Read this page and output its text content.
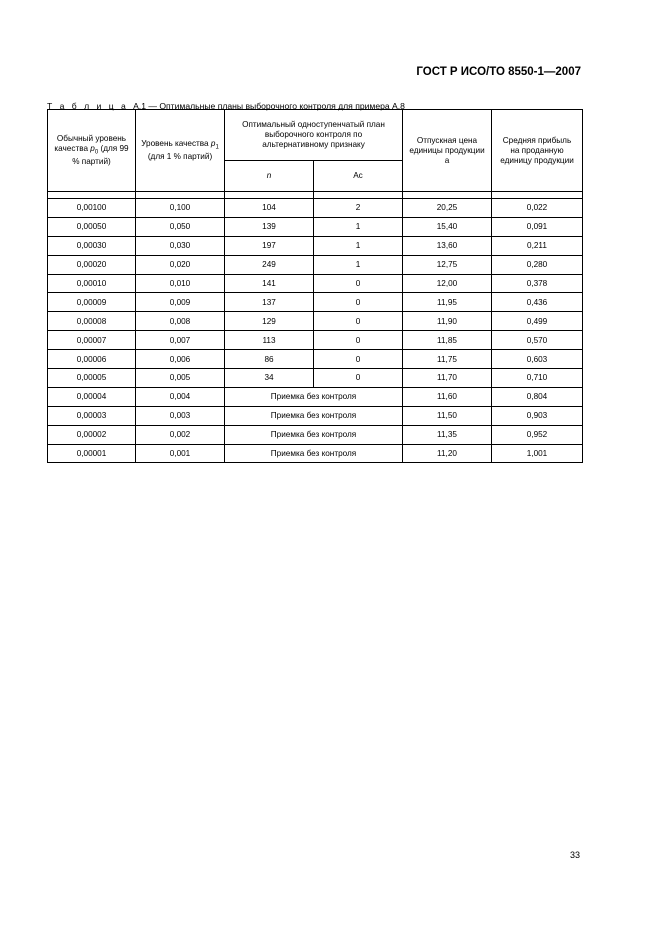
ГОСТ Р ИСО/ТО 8550-1—2007
Т а б л и ц а А.1 — Оптимальные планы выборочного контроля для примера А.8
Обычный уровень качества $p_0$ (для 99 % партий)	Уровень качества $p_1$ (для 1 % партий)	Оптимальный одноступенчатый план выборочного контроля по альтернативному признаку		Отпускная цена единицы продукции a	Средняя прибыль на проданную единицу продукции
		n	Ac		

0,00100	0,100	104	2	20,25	0,022
0,00050	0,050	139	1	15,40	0,091
0,00030	0,030	197	1	13,60	0,211
0,00020	0,020	249	1	12,75	0,280
0,00010	0,010	141	0	12,00	0,378
0,00009	0,009	137	0	11,95	0,436
0,00008	0,008	129	0	11,90	0,499
0,00007	0,007	113	0	11,85	0,570
0,00006	0,006	86	0	11,75	0,603
0,00005	0,005	34	0	11,70	0,710
0,00004	0,004	Приемка без контроля		11,60	0,804
0,00003	0,003	Приемка без контроля		11,50	0,903
0,00002	0,002	Приемка без контроля		11,35	0,952
0,00001	0,001	Приемка без контроля		11,20	1,001
33
